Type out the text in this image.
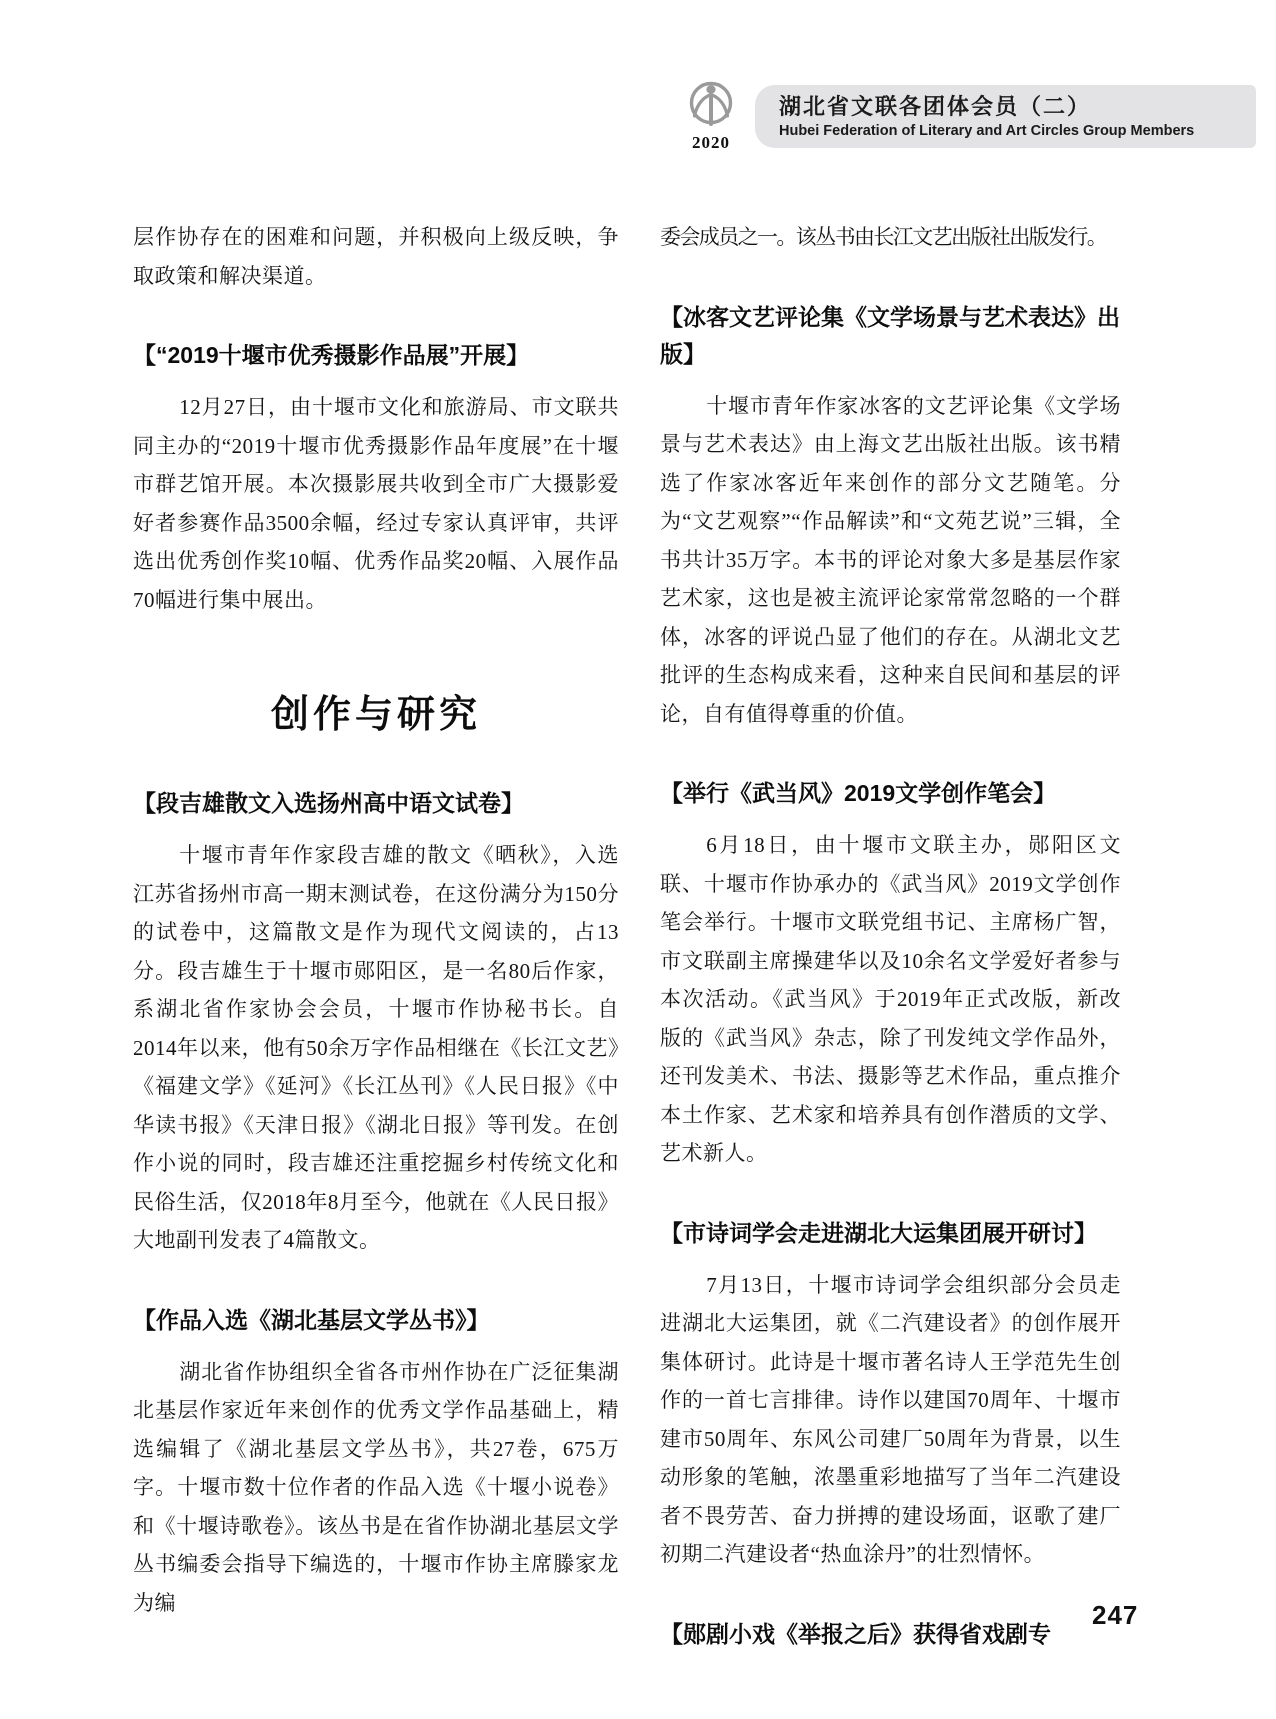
2020
湖北省文联各团体会员（二）
Hubei Federation of Literary and Art Circles Group Members
层作协存在的困难和问题，并积极向上级反映，争取政策和解决渠道。
【“2019十堰市优秀摄影作品展”开展】
12月27日，由十堰市文化和旅游局、市文联共同主办的“2019十堰市优秀摄影作品年度展”在十堰市群艺馆开展。本次摄影展共收到全市广大摄影爱好者参赛作品3500余幅，经过专家认真评审，共评选出优秀创作奖10幅、优秀作品奖20幅、入展作品70幅进行集中展出。
创作与研究
【段吉雄散文入选扬州高中语文试卷】
十堰市青年作家段吉雄的散文《晒秋》，入选江苏省扬州市高一期末测试卷，在这份满分为150分的试卷中，这篇散文是作为现代文阅读的，占13分。段吉雄生于十堰市郧阳区，是一名80后作家，系湖北省作家协会会员，十堰市作协秘书长。自2014年以来，他有50余万字作品相继在《长江文艺》《福建文学》《延河》《长江丛刊》《人民日报》《中华读书报》《天津日报》《湖北日报》等刊发。在创作小说的同时，段吉雄还注重挖掘乡村传统文化和民俗生活，仅2018年8月至今，他就在《人民日报》大地副刊发表了4篇散文。
【作品入选《湖北基层文学丛书》】
湖北省作协组织全省各市州作协在广泛征集湖北基层作家近年来创作的优秀文学作品基础上，精选编辑了《湖北基层文学丛书》，共27卷，675万字。十堰市数十位作者的作品入选《十堰小说卷》和《十堰诗歌卷》。该丛书是在省作协湖北基层文学丛书编委会指导下编选的，十堰市作协主席滕家龙为编
委会成员之一。该丛书由长江文艺出版社出版发行。
【冰客文艺评论集《文学场景与艺术表达》出版】
十堰市青年作家冰客的文艺评论集《文学场景与艺术表达》由上海文艺出版社出版。该书精选了作家冰客近年来创作的部分文艺随笔。分为“文艺观察”“作品解读”和“文苑艺说”三辑，全书共计35万字。本书的评论对象大多是基层作家艺术家，这也是被主流评论家常常忽略的一个群体，冰客的评说凸显了他们的存在。从湖北文艺批评的生态构成来看，这种来自民间和基层的评论，自有值得尊重的价值。
【举行《武当风》2019文学创作笔会】
6月18日，由十堰市文联主办，郧阳区文联、十堰市作协承办的《武当风》2019文学创作笔会举行。十堰市文联党组书记、主席杨广智，市文联副主席操建华以及10余名文学爱好者参与本次活动。《武当风》于2019年正式改版，新改版的《武当风》杂志，除了刊发纯文学作品外，还刊发美术、书法、摄影等艺术作品，重点推介本土作家、艺术家和培养具有创作潜质的文学、艺术新人。
【市诗词学会走进湖北大运集团展开研讨】
7月13日，十堰市诗词学会组织部分会员走进湖北大运集团，就《二汽建设者》的创作展开集体研讨。此诗是十堰市著名诗人王学范先生创作的一首七言排律。诗作以建国70周年、十堰市建市50周年、东风公司建厂50周年为背景，以生动形象的笔触，浓墨重彩地描写了当年二汽建设者不畏劳苦、奋力拼搏的建设场面，讴歌了建厂初期二汽建设者“热血涂丹”的壮烈情怀。
【郧剧小戏《举报之后》获得省戏剧专
247
